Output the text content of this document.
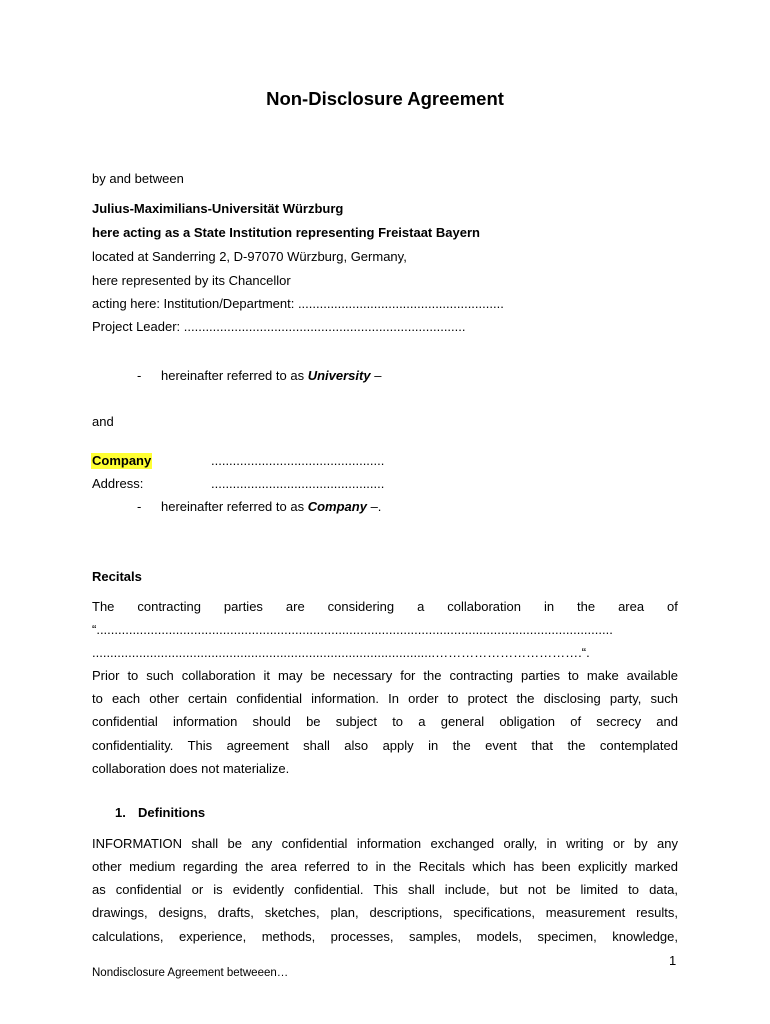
Non-Disclosure Agreement
by and between
Julius-Maximilians-Universität Würzburg
here acting as a State Institution representing Freistaat Bayern
located at Sanderring 2, D-97070 Würzburg, Germany,
here represented by its Chancellor
acting here: Institution/Department: .........................................................
Project Leader: ..............................................................................
- hereinafter referred to as University –
and
Company	................................................
Address:	................................................
- hereinafter referred to as Company –.
Recitals
The contracting parties are considering a collaboration in the area of
“...............................................................................................................................................
...............................................................................................…………………………….“.
Prior to such collaboration it may be necessary for the contracting parties to make available
to each other certain confidential information. In order to protect the disclosing party, such
confidential information should be subject to a general obligation of secrecy and
confidentiality. This agreement shall also apply in the event that the contemplated
collaboration does not materialize.
1. Definitions
INFORMATION shall be any confidential information exchanged orally, in writing or by any
other medium regarding the area referred to in the Recitals which has been explicitly marked
as confidential or is evidently confidential. This shall include, but not be limited to data,
drawings, designs, drafts, sketches, plan, descriptions, specifications, measurement results,
calculations, experience, methods, processes, samples, models, specimen, knowledge,
1
Nondisclosure Agreement betweeen…
